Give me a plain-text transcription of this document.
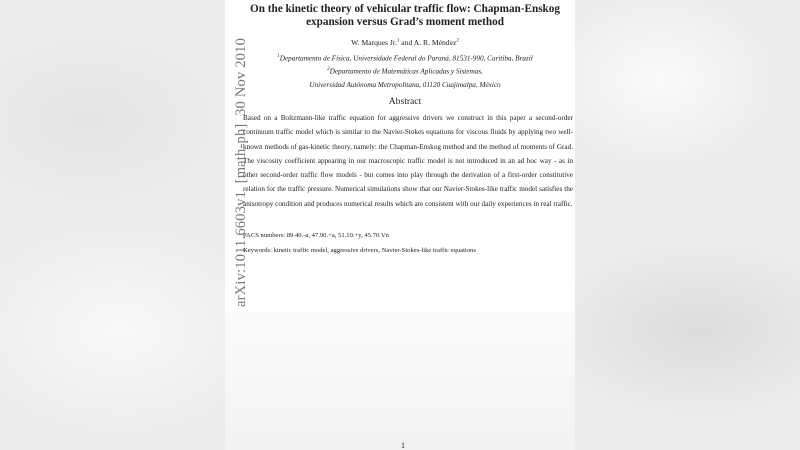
On the kinetic theory of vehicular traffic flow: Chapman-Enskog
expansion versus Grad’s moment method
W. Marques Jr.$^1$ and A. R. Méndez$^2$
$^1$Departamento de Física, Universidade Federal do Paraná, 81531-990, Curitiba, Brazil
$^2$Departamento de Matemáticas Aplicadas y Sistemas,
Universidad Autónoma Metropolitana, 01120 Cuajimalpa, México
Abstract
Based on a Boltzmann-like traffic equation for aggressive drivers we construct in this paper a second-order continuum traffic model which is similar to the Navier-Stokes equations for viscous fluids by applying two well-known methods of gas-kinetic theory, namely: the Chapman-Enskog method and the method of moments of Grad. The viscosity coefficient appearing in our macroscopic traffic model is not introduced in an ad hoc way - as in other second-order traffic flow models - but comes into play through the derivation of a first-order constitutive relation for the traffic pressure. Numerical simulations show that our Navier-Stokes-like traffic model satisfies the anisotropy condition and produces numerical results which are consistent with our daily experiences in real traffic.
PACS numbers: 89.40.-a, 47.90.+a, 51.10.+y, 45.70.Vn
Keywords: kinetic traffic model, aggressive drivers, Navier-Stokes-like traffic equations
arXiv:1011.6603v1  [math-ph]  30 Nov 2010
1
